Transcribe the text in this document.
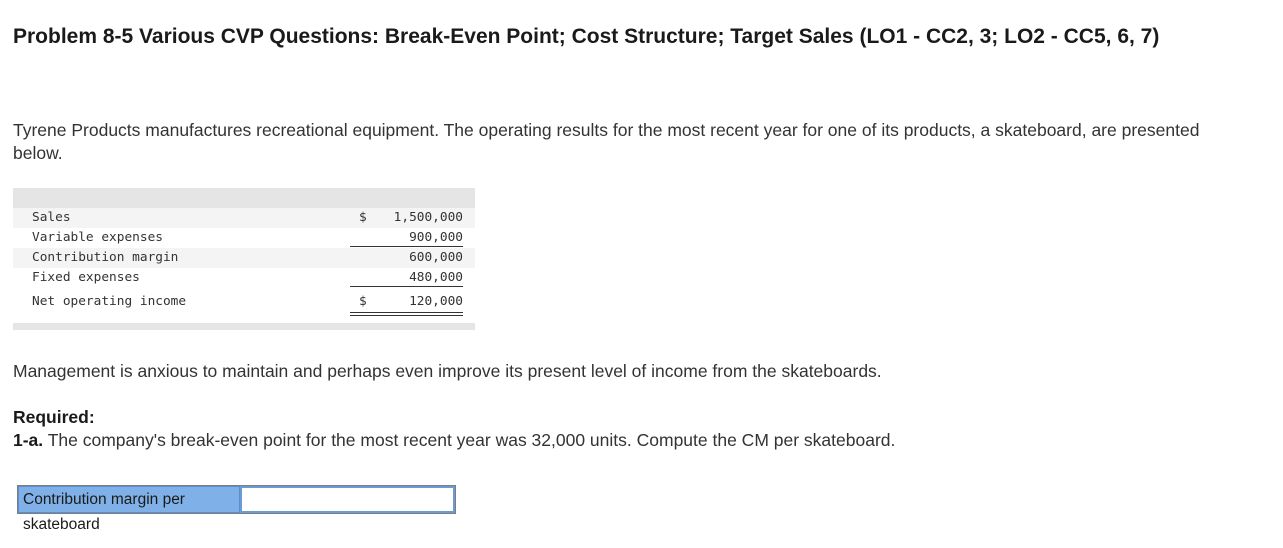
Problem 8-5 Various CVP Questions: Break-Even Point; Cost Structure; Target Sales (LO1 - CC2, 3; LO2 - CC5, 6, 7)
Tyrene Products manufactures recreational equipment. The operating results for the most recent year for one of its products, a skateboard, are presented below.
Sales	$ 1,500,000
Variable expenses	900,000
Contribution margin	600,000
Fixed expenses	480,000
Net operating income	$	120,000
Management is anxious to maintain and perhaps even improve its present level of income from the skateboards.
Required:
1-a. The company's break-even point for the most recent year was 32,000 units. Compute the CM per skateboard.
Contribution margin per skateboard
